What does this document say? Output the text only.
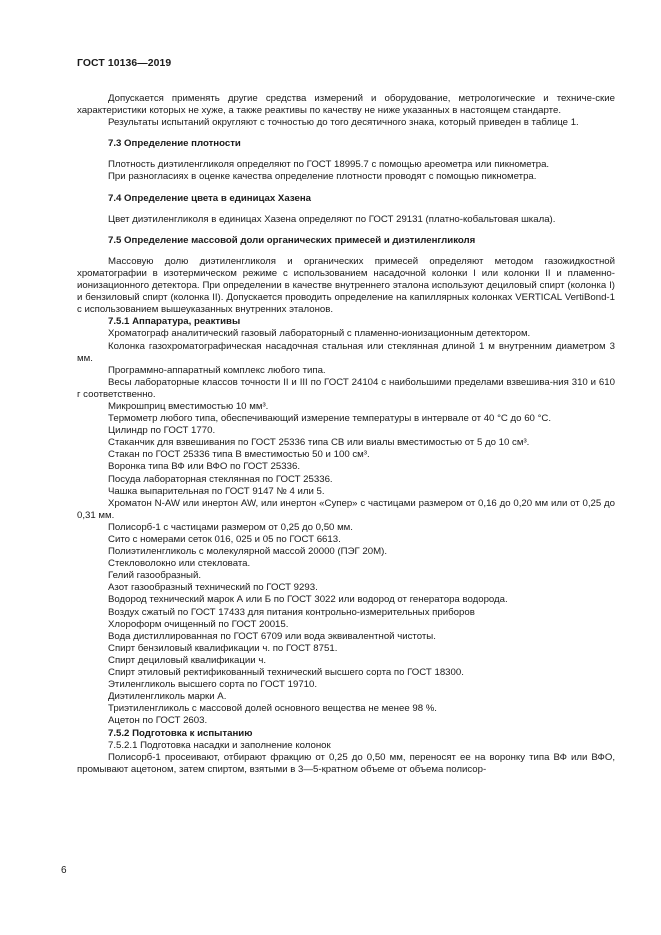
ГОСТ 10136—2019

Допускается применять другие средства измерений и оборудование, метрологические и техниче-ские характеристики которых не хуже, а также реактивы по качеству не ниже указанных в настоящем стандарте.

Результаты испытаний округляют с точностью до того десятичного знака, который приведен в таблице 1.

7.3 Определение плотности

Плотность диэтиленгликоля определяют по ГОСТ 18995.7 с помощью ареометра или пикнометра.

При разногласиях в оценке качества определение плотности проводят с помощью пикнометра.

7.4 Определение цвета в единицах Хазена

Цвет диэтиленгликоля в единицах Хазена определяют по ГОСТ 29131 (платно-кобальтовая шкала).

7.5 Определение массовой доли органических примесей и диэтиленгликоля

Массовую долю диэтиленгликоля и органических примесей определяют методом газожидкостной хроматографии в изотермическом режиме с использованием насадочной колонки I или колонки II и пламенно-ионизационного детектора. При определении в качестве внутреннего эталона используют дециловый спирт (колонка I) и бензиловый спирт (колонка II). Допускается проводить определение на капиллярных колонках VERTICAL VertiBond-1 с использованием вышеуказанных внутренних эталонов.

7.5.1 Аппаратура, реактивы

Хроматограф аналитический газовый лабораторный с пламенно-ионизационным детектором.

Колонка газохроматографическая насадочная стальная или стеклянная длиной 1 м внутренним диаметром 3 мм.

Программно-аппаратный комплекс любого типа.

Весы лабораторные классов точности II и III по ГОСТ 24104 с наибольшими пределами взвешива-ния 310 и 610 г соответственно.

Микрошприц вместимостью 10 мм³.

Термометр любого типа, обеспечивающий измерение температуры в интервале от 40 °С до 60 °С.

Цилиндр по ГОСТ 1770.

Стаканчик для взвешивания по ГОСТ 25336 типа СВ или виалы вместимостью от 5 до 10 см³.

Стакан по ГОСТ 25336 типа В вместимостью 50 и 100 см³.

Воронка типа ВФ или ВФО по ГОСТ 25336.

Посуда лабораторная стеклянная по ГОСТ 25336.

Чашка выпарительная по ГОСТ 9147 № 4 или 5.

Хроматон N-AW или инертон AW, или инертон «Супер» с частицами размером от 0,16 до 0,20 мм или от 0,25 до 0,31 мм.

Полисорб-1 с частицами размером от 0,25 до 0,50 мм.

Сито с номерами сеток 016, 025 и 05 по ГОСТ 6613.

Полиэтиленгликоль с молекулярной массой 20000 (ПЭГ 20М).

Стекловолокно или стекловата.

Гелий газообразный.

Азот газообразный технический по ГОСТ 9293.

Водород технический марок А или Б по ГОСТ 3022 или водород от генератора водорода.

Воздух сжатый по ГОСТ 17433 для питания контрольно-измерительных приборов

Хлороформ очищенный по ГОСТ 20015.

Вода дистиллированная по ГОСТ 6709 или вода эквивалентной чистоты.

Спирт бензиловый квалификации ч. по ГОСТ 8751.

Спирт дециловый квалификации ч.

Спирт этиловый ректификованный технический высшего сорта по ГОСТ 18300.

Этиленгликоль высшего сорта по ГОСТ 19710.

Диэтиленгликоль марки А.

Триэтиленгликоль с массовой долей основного вещества не менее 98 %.

Ацетон по ГОСТ 2603.

7.5.2 Подготовка к испытанию

7.5.2.1 Подготовка насадки и заполнение колонок

Полисорб-1 просеивают, отбирают фракцию от 0,25 до 0,50 мм, переносят ее на воронку типа ВФ или ВФО, промывают ацетоном, затем спиртом, взятыми в 3—5-кратном объеме от объема полисор-

6
